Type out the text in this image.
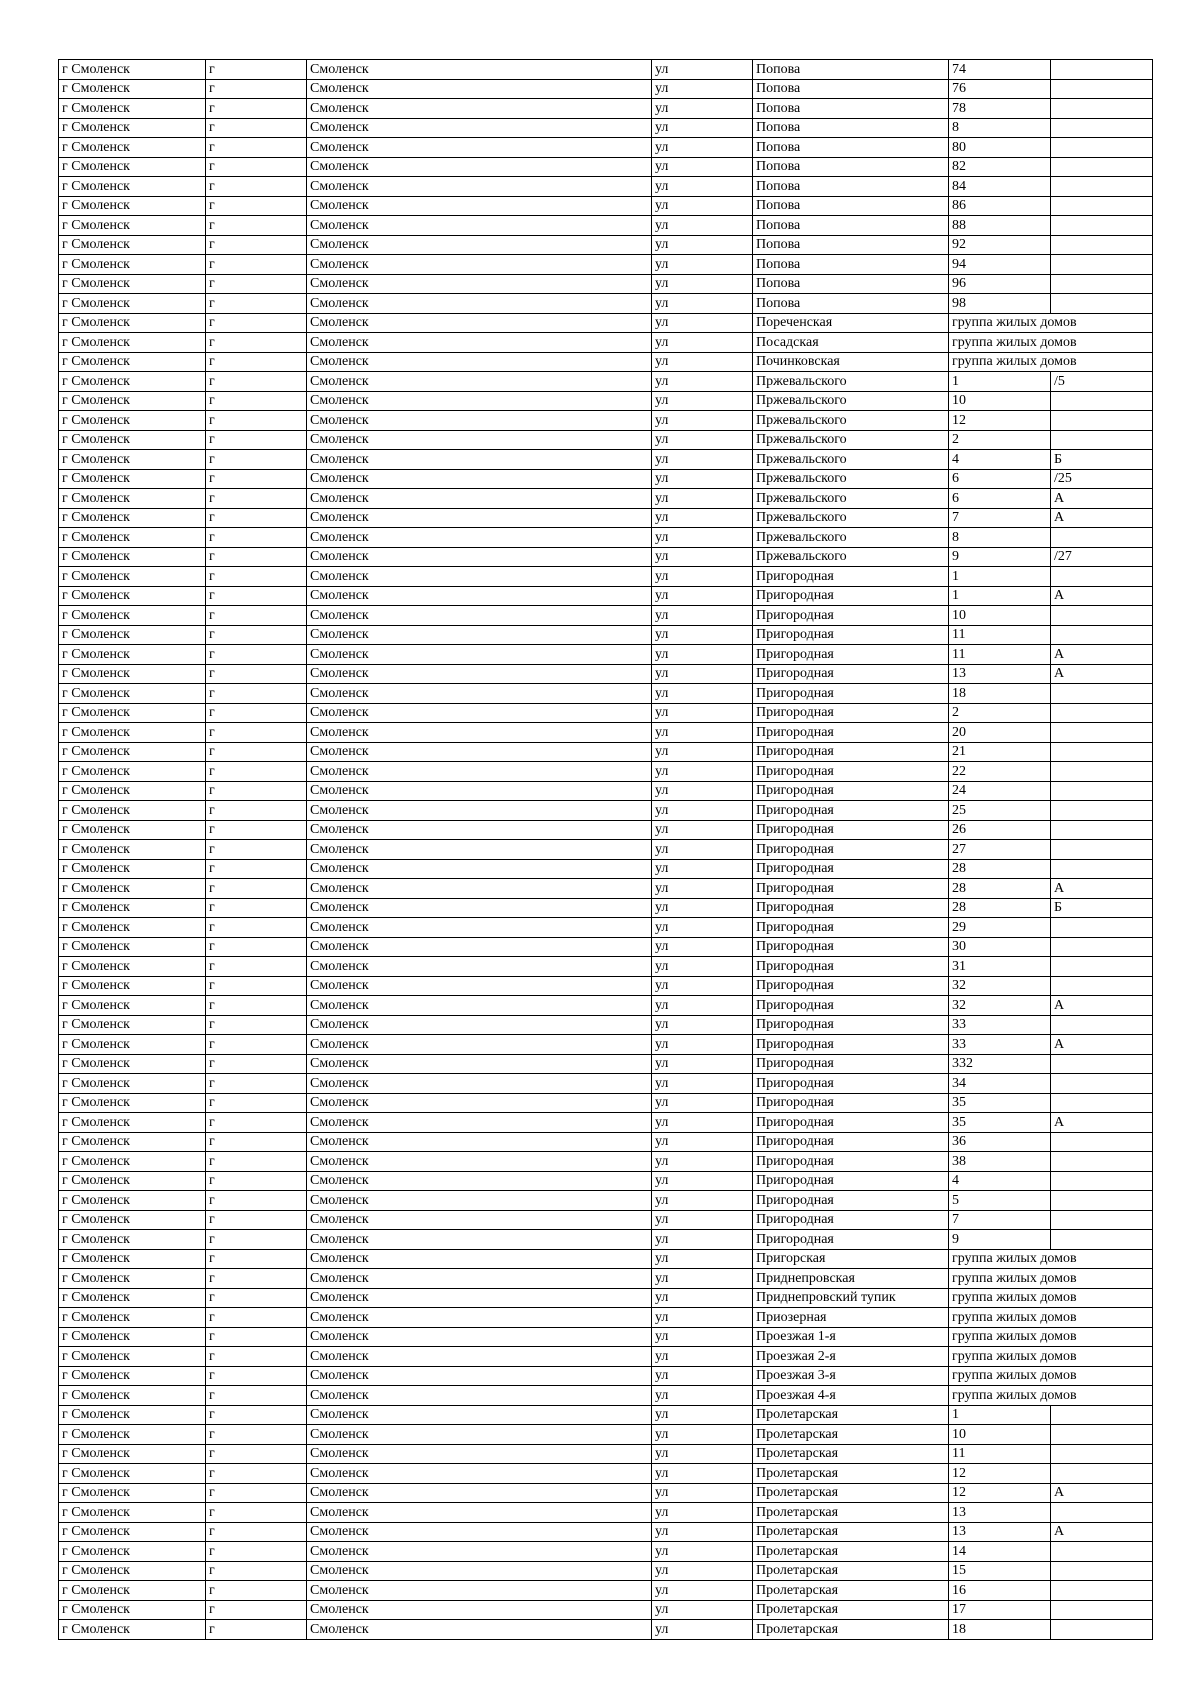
г Смоленск	г	Смоленск	ул	Попова	74	
г Смоленск	г	Смоленск	ул	Попова	76	
г Смоленск	г	Смоленск	ул	Попова	78	
г Смоленск	г	Смоленск	ул	Попова	8	
г Смоленск	г	Смоленск	ул	Попова	80	
г Смоленск	г	Смоленск	ул	Попова	82	
г Смоленск	г	Смоленск	ул	Попова	84	
г Смоленск	г	Смоленск	ул	Попова	86	
г Смоленск	г	Смоленск	ул	Попова	88	
г Смоленск	г	Смоленск	ул	Попова	92	
г Смоленск	г	Смоленск	ул	Попова	94	
г Смоленск	г	Смоленск	ул	Попова	96	
г Смоленск	г	Смоленск	ул	Попова	98	
г Смоленск	г	Смоленск	ул	Пореченская	группа жилых домов	
г Смоленск	г	Смоленск	ул	Посадская	группа жилых домов	
г Смоленск	г	Смоленск	ул	Починковская	группа жилых домов	
г Смоленск	г	Смоленск	ул	Пржевальского	1	/5
г Смоленск	г	Смоленск	ул	Пржевальского	10	
г Смоленск	г	Смоленск	ул	Пржевальского	12	
г Смоленск	г	Смоленск	ул	Пржевальского	2	
г Смоленск	г	Смоленск	ул	Пржевальского	4	Б
г Смоленск	г	Смоленск	ул	Пржевальского	6	/25
г Смоленск	г	Смоленск	ул	Пржевальского	6	А
г Смоленск	г	Смоленск	ул	Пржевальского	7	А
г Смоленск	г	Смоленск	ул	Пржевальского	8	
г Смоленск	г	Смоленск	ул	Пржевальского	9	/27
г Смоленск	г	Смоленск	ул	Пригородная	1	
г Смоленск	г	Смоленск	ул	Пригородная	1	А
г Смоленск	г	Смоленск	ул	Пригородная	10	
г Смоленск	г	Смоленск	ул	Пригородная	11	
г Смоленск	г	Смоленск	ул	Пригородная	11	А
г Смоленск	г	Смоленск	ул	Пригородная	13	А
г Смоленск	г	Смоленск	ул	Пригородная	18	
г Смоленск	г	Смоленск	ул	Пригородная	2	
г Смоленск	г	Смоленск	ул	Пригородная	20	
г Смоленск	г	Смоленск	ул	Пригородная	21	
г Смоленск	г	Смоленск	ул	Пригородная	22	
г Смоленск	г	Смоленск	ул	Пригородная	24	
г Смоленск	г	Смоленск	ул	Пригородная	25	
г Смоленск	г	Смоленск	ул	Пригородная	26	
г Смоленск	г	Смоленск	ул	Пригородная	27	
г Смоленск	г	Смоленск	ул	Пригородная	28	
г Смоленск	г	Смоленск	ул	Пригородная	28	А
г Смоленск	г	Смоленск	ул	Пригородная	28	Б
г Смоленск	г	Смоленск	ул	Пригородная	29	
г Смоленск	г	Смоленск	ул	Пригородная	30	
г Смоленск	г	Смоленск	ул	Пригородная	31	
г Смоленск	г	Смоленск	ул	Пригородная	32	
г Смоленск	г	Смоленск	ул	Пригородная	32	А
г Смоленск	г	Смоленск	ул	Пригородная	33	
г Смоленск	г	Смоленск	ул	Пригородная	33	А
г Смоленск	г	Смоленск	ул	Пригородная	332	
г Смоленск	г	Смоленск	ул	Пригородная	34	
г Смоленск	г	Смоленск	ул	Пригородная	35	
г Смоленск	г	Смоленск	ул	Пригородная	35	А
г Смоленск	г	Смоленск	ул	Пригородная	36	
г Смоленск	г	Смоленск	ул	Пригородная	38	
г Смоленск	г	Смоленск	ул	Пригородная	4	
г Смоленск	г	Смоленск	ул	Пригородная	5	
г Смоленск	г	Смоленск	ул	Пригородная	7	
г Смоленск	г	Смоленск	ул	Пригородная	9	
г Смоленск	г	Смоленск	ул	Пригорская	группа жилых домов	
г Смоленск	г	Смоленск	ул	Приднепровская	группа жилых домов	
г Смоленск	г	Смоленск	ул	Приднепровский тупик	группа жилых домов	
г Смоленск	г	Смоленск	ул	Приозерная	группа жилых домов	
г Смоленск	г	Смоленск	ул	Проезжая 1-я	группа жилых домов	
г Смоленск	г	Смоленск	ул	Проезжая 2-я	группа жилых домов	
г Смоленск	г	Смоленск	ул	Проезжая 3-я	группа жилых домов	
г Смоленск	г	Смоленск	ул	Проезжая 4-я	группа жилых домов	
г Смоленск	г	Смоленск	ул	Пролетарская	1	
г Смоленск	г	Смоленск	ул	Пролетарская	10	
г Смоленск	г	Смоленск	ул	Пролетарская	11	
г Смоленск	г	Смоленск	ул	Пролетарская	12	
г Смоленск	г	Смоленск	ул	Пролетарская	12	А
г Смоленск	г	Смоленск	ул	Пролетарская	13	
г Смоленск	г	Смоленск	ул	Пролетарская	13	А
г Смоленск	г	Смоленск	ул	Пролетарская	14	
г Смоленск	г	Смоленск	ул	Пролетарская	15	
г Смоленск	г	Смоленск	ул	Пролетарская	16	
г Смоленск	г	Смоленск	ул	Пролетарская	17	
г Смоленск	г	Смоленск	ул	Пролетарская	18	
